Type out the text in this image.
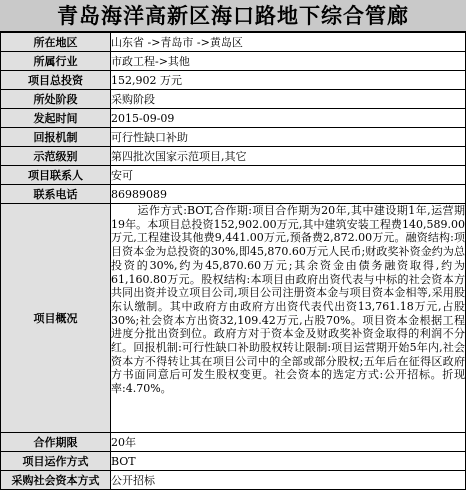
青岛海洋高新区海口路地下综合管廊
所在地区	山东省 ->青岛市 ->黄岛区
所属行业	市政工程->其他
项目总投资	152,902 万元
所处阶段	采购阶段
发起时间	2015-09-09
回报机制	可行性缺口补助
示范级别	第四批次国家示范项目,其它
项目联系人	安可
联系电话	86989089
项目概况	运作方式:BOT,合作期:项目合作期为20年,其中建设期1年,运营期19年。本项目总投资152,902.00万元,其中建筑安装工程费140,589.00万元,工程建设其他费9,441.00万元,预备费2,872.00万元。融资结构:项目资本金为总投资的30%,即45,870.60万元人民币;财政奖补资金约为总投资的30%,约为45,870.60万元;其余资金由债务融资取得,约为61,160.80万元。股权结构:本项目由政府出资代表与中标的社会资本方共同出资并设立项目公司,项目公司注册资本金与项目资本金相等,采用股东认缴制。其中政府方由政府方出资代表代出资13,761.18万元,占股30%;社会资本方出资32,109.42万元,占股70%。项目资本金根据工程进度分批出资到位。政府方对于资本金及财政奖补资金取得的利润不分红。回报机制:可行性缺口补助股权转让限制:项目运营期开始5年内,社会资本方不得转让其在项目公司中的全部或部分股权;五年后在征得区政府方书面同意后可发生股权变更。社会资本的选定方式:公开招标。折现率:4.70%。
合作期限	20年
项目运作方式	BOT
采购社会资本方式	公开招标
